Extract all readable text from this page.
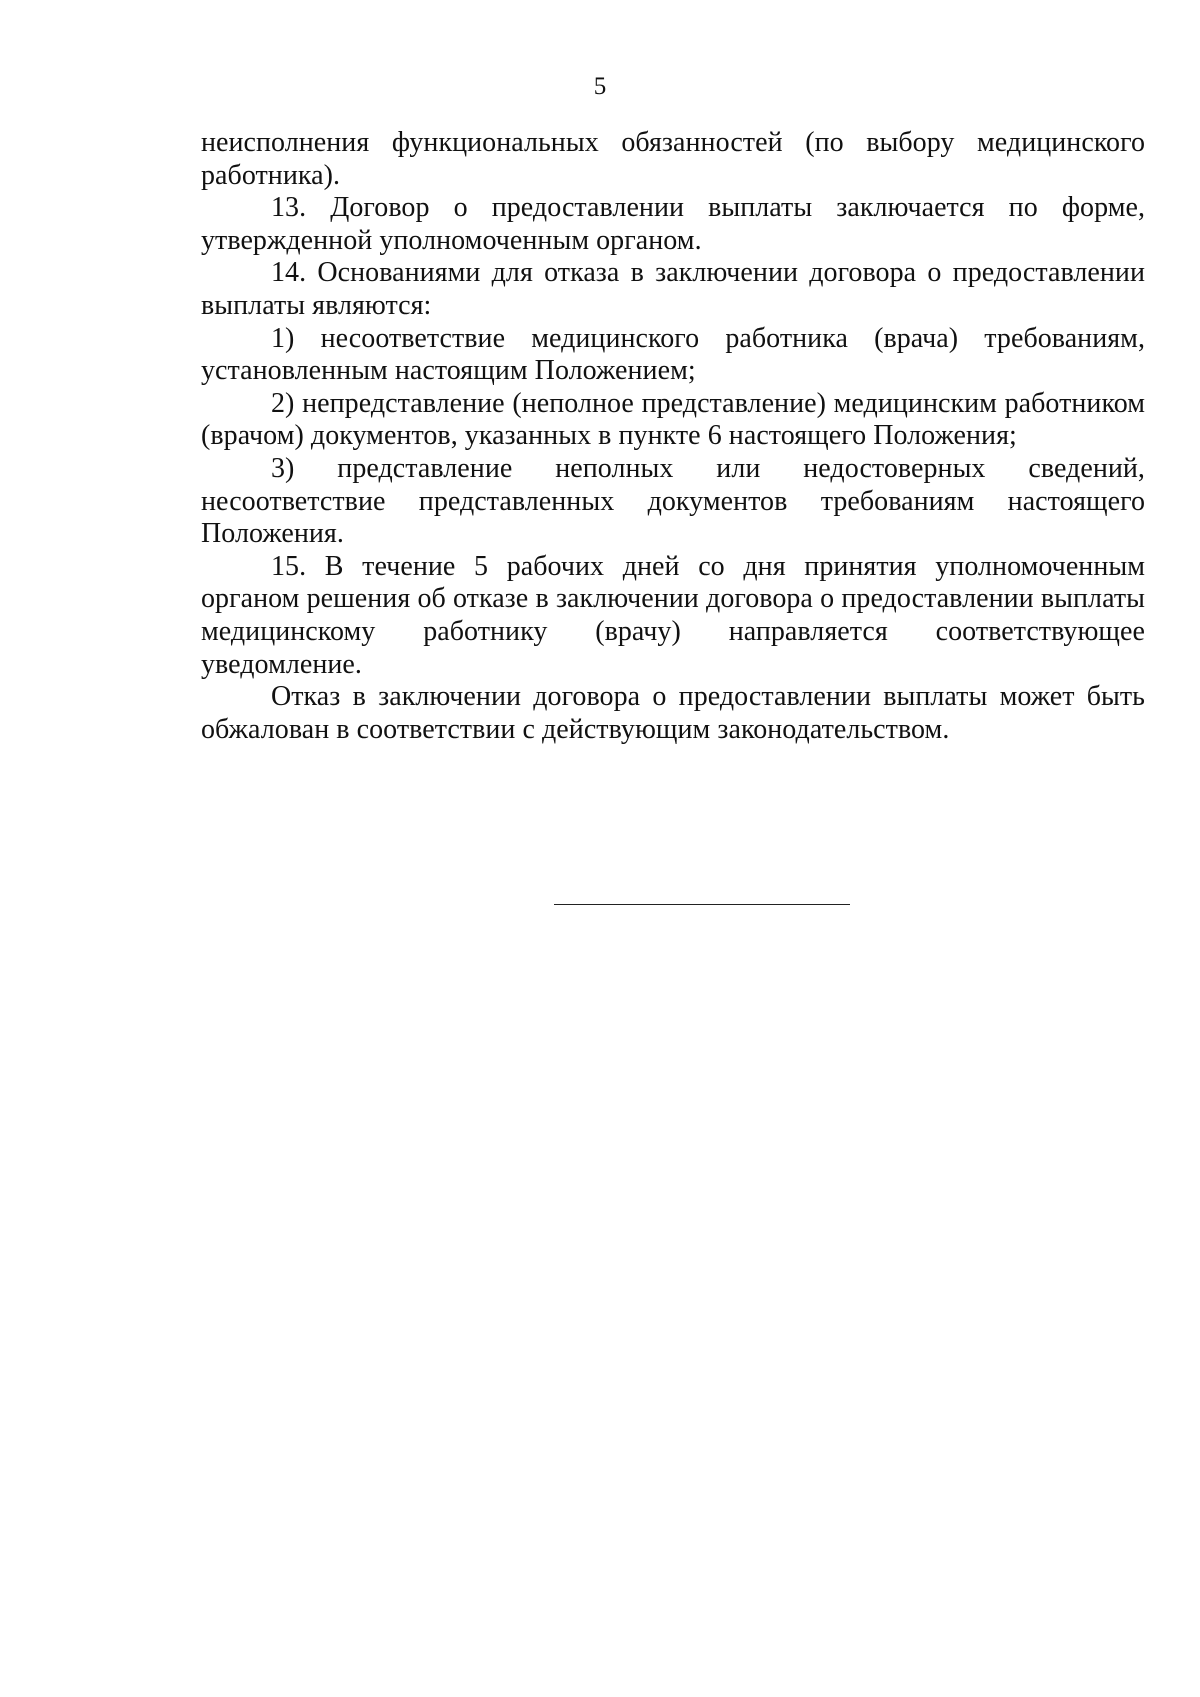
5

неисполнения функциональных обязанностей (по выбору медицинского работника).

13. Договор о предоставлении выплаты заключается по форме, утвержденной уполномоченным органом.

14. Основаниями для отказа в заключении договора о предоставлении выплаты являются:

1) несоответствие медицинского работника (врача) требованиям, установленным настоящим Положением;

2) непредставление (неполное представление) медицинским работником (врачом) документов, указанных в пункте 6 настоящего Положения;

3) представление неполных или недостоверных сведений, несоответствие представленных документов требованиям настоящего Положения.

15. В течение 5 рабочих дней со дня принятия уполномоченным органом решения об отказе в заключении договора о предоставлении выплаты медицинскому работнику (врачу) направляется соответствующее уведомление.

Отказ в заключении договора о предоставлении выплаты может быть обжалован в соответствии с действующим законодательством.
